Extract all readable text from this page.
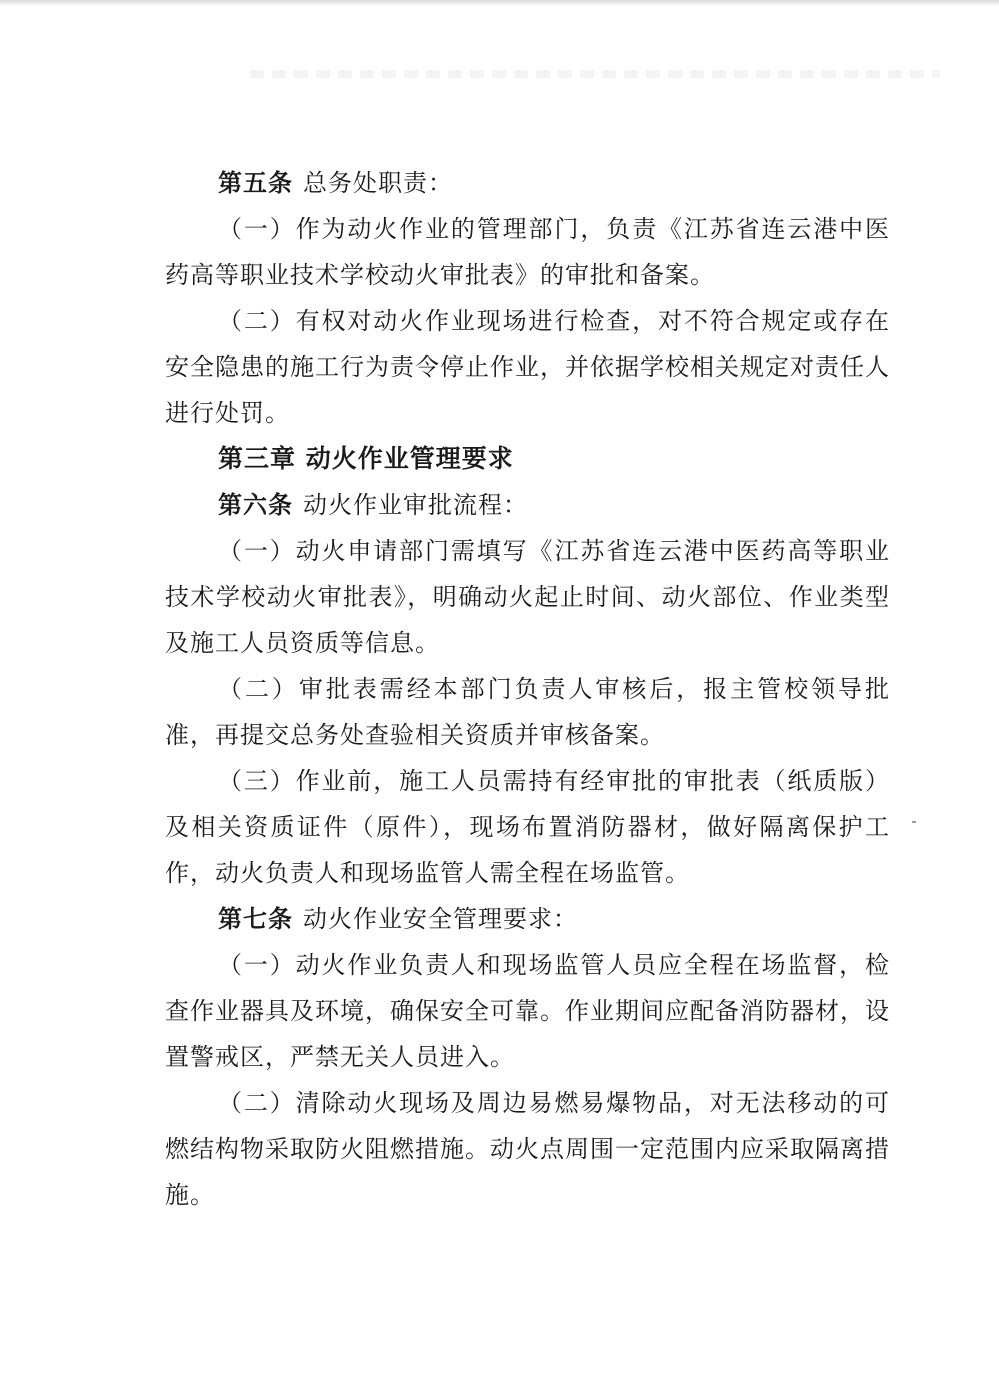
第五条 总务处职责：

（一）作为动火作业的管理部门，负责《江苏省连云港中医药高等职业技术学校动火审批表》的审批和备案。

（二）有权对动火作业现场进行检查，对不符合规定或存在安全隐患的施工行为责令停止作业，并依据学校相关规定对责任人进行处罚。

第三章 动火作业管理要求

第六条 动火作业审批流程：

（一）动火申请部门需填写《江苏省连云港中医药高等职业技术学校动火审批表》，明确动火起止时间、动火部位、作业类型及施工人员资质等信息。

（二）审批表需经本部门负责人审核后，报主管校领导批准，再提交总务处查验相关资质并审核备案。

（三）作业前，施工人员需持有经审批的审批表（纸质版）及相关资质证件（原件），现场布置消防器材，做好隔离保护工作，动火负责人和现场监管人需全程在场监管。

第七条 动火作业安全管理要求：

（一）动火作业负责人和现场监管人员应全程在场监督，检查作业器具及环境，确保安全可靠。作业期间应配备消防器材，设置警戒区，严禁无关人员进入。

（二）清除动火现场及周边易燃易爆物品，对无法移动的可燃结构物采取防火阻燃措施。动火点周围一定范围内应采取隔离措施。
